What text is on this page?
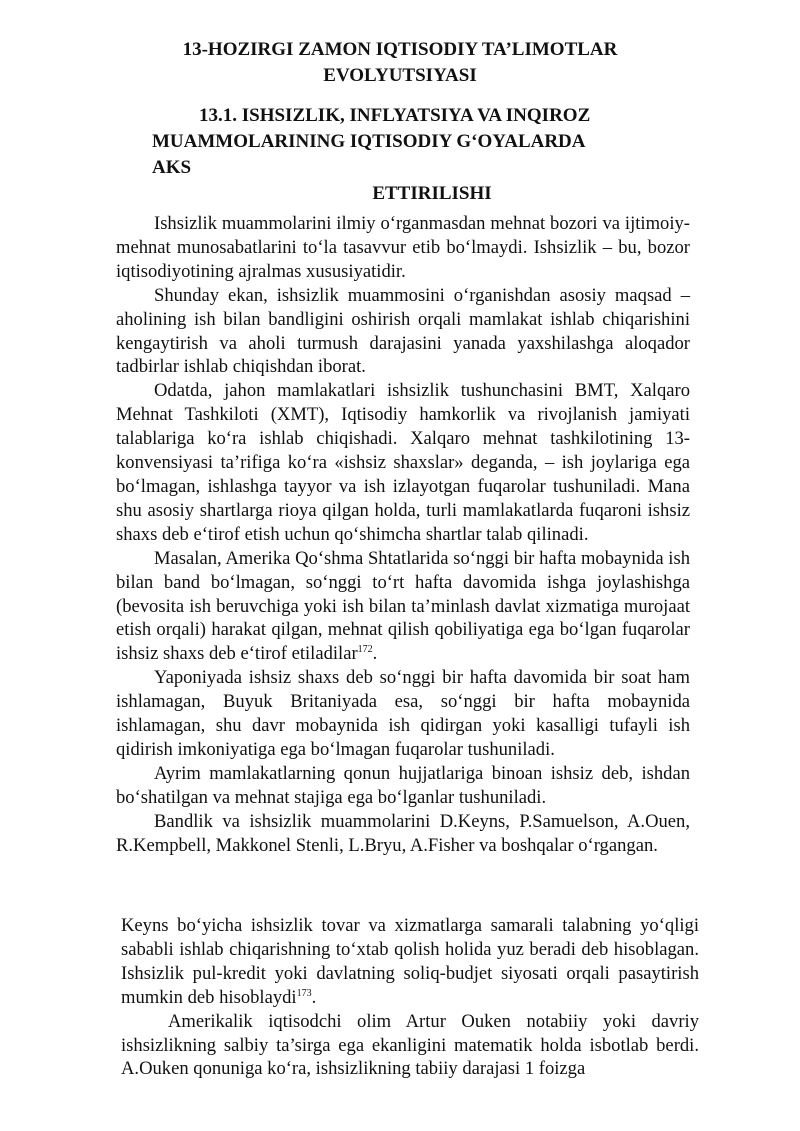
13-HOZIRGI ZAMON IQTISODIY TA’LIMOTLAR EVOLYUTSIYASI
13.1. ISHSIZLIK, INFLYATSIYA VA INQIROZ
MUAMMOLARINING IQTISODIY G‘OYALARDA
AKS
ETTIRILISHI

Ishsizlik muammolarini ilmiy o‘rganmasdan mehnat bozori va ijtimoiy-mehnat munosabatlarini to‘la tasavvur etib bo‘lmaydi. Ishsizlik – bu, bozor iqtisodiyotining ajralmas xususiyatidir.

Shunday ekan, ishsizlik muammosini o‘rganishdan asosiy maqsad – aholining ish bilan bandligini oshirish orqali mamlakat ishlab chiqarishini kengaytirish va aholi turmush darajasini yanada yaxshilashga aloqador tadbirlar ishlab chiqishdan iborat.

Odatda, jahon mamlakatlari ishsizlik tushunchasini BMT, Xalqaro Mehnat Tashkiloti (XMT), Iqtisodiy hamkorlik va rivojlanish jamiyati talablariga ko‘ra ishlab chiqishadi. Xalqaro mehnat tashkilotining 13-konvensiyasi ta’rifiga ko‘ra «ishsiz shaxslar» deganda, – ish joylariga ega bo‘lmagan, ishlashga tayyor va ish izlayotgan fuqarolar tushuniladi. Mana shu asosiy shartlarga rioya qilgan holda, turli mamlakatlarda fuqaroni ishsiz shaxs deb e‘tirof etish uchun qo‘shimcha shartlar talab qilinadi.

Masalan, Amerika Qo‘shma Shtatlarida so‘nggi bir hafta mobaynida ish bilan band bo‘lmagan, so‘nggi to‘rt hafta davomida ishga joylashishga (bevosita ish beruvchiga yoki ish bilan ta’minlash davlat xizmatiga murojaat etish orqali) harakat qilgan, mehnat qilish qobiliyatiga ega bo‘lgan fuqarolar ishsiz shaxs deb e‘tirof etiladilar$^{172}$.

Yaponiyada ishsiz shaxs deb so‘nggi bir hafta davomida bir soat ham ishlamagan, Buyuk Britaniyada esa, so‘nggi bir hafta mobaynida ishlamagan, shu davr mobaynida ish qidirgan yoki kasalligi tufayli ish qidirish imkoniyatiga ega bo‘lmagan fuqarolar tushuniladi.

Ayrim mamlakatlarning qonun hujjatlariga binoan ishsiz deb, ishdan bo‘shatilgan va mehnat stajiga ega bo‘lganlar tushuniladi.

Bandlik va ishsizlik muammolarini D.Keyns, P.Samuelson, A.Ouen, R.Kempbell, Makkonel Stenli, L.Bryu, A.Fisher va boshqalar o‘rgangan.

Keyns bo‘yicha ishsizlik tovar va xizmatlarga samarali talabning yo‘qligi sababli ishlab chiqarishning to‘xtab qolish holida yuz beradi deb hisoblagan. Ishsizlik pul-kredit yoki davlatning soliq-budjet siyosati orqali pasaytirish mumkin deb hisoblaydi$^{173}$.

Amerikalik iqtisodchi olim Artur Ouken notabiiy yoki davriy ishsizlikning salbiy ta’sirga ega ekanligini matematik holda isbotlab berdi. A.Ouken qonuniga ko‘ra, ishsizlikning tabiiy darajasi 1 foizga
